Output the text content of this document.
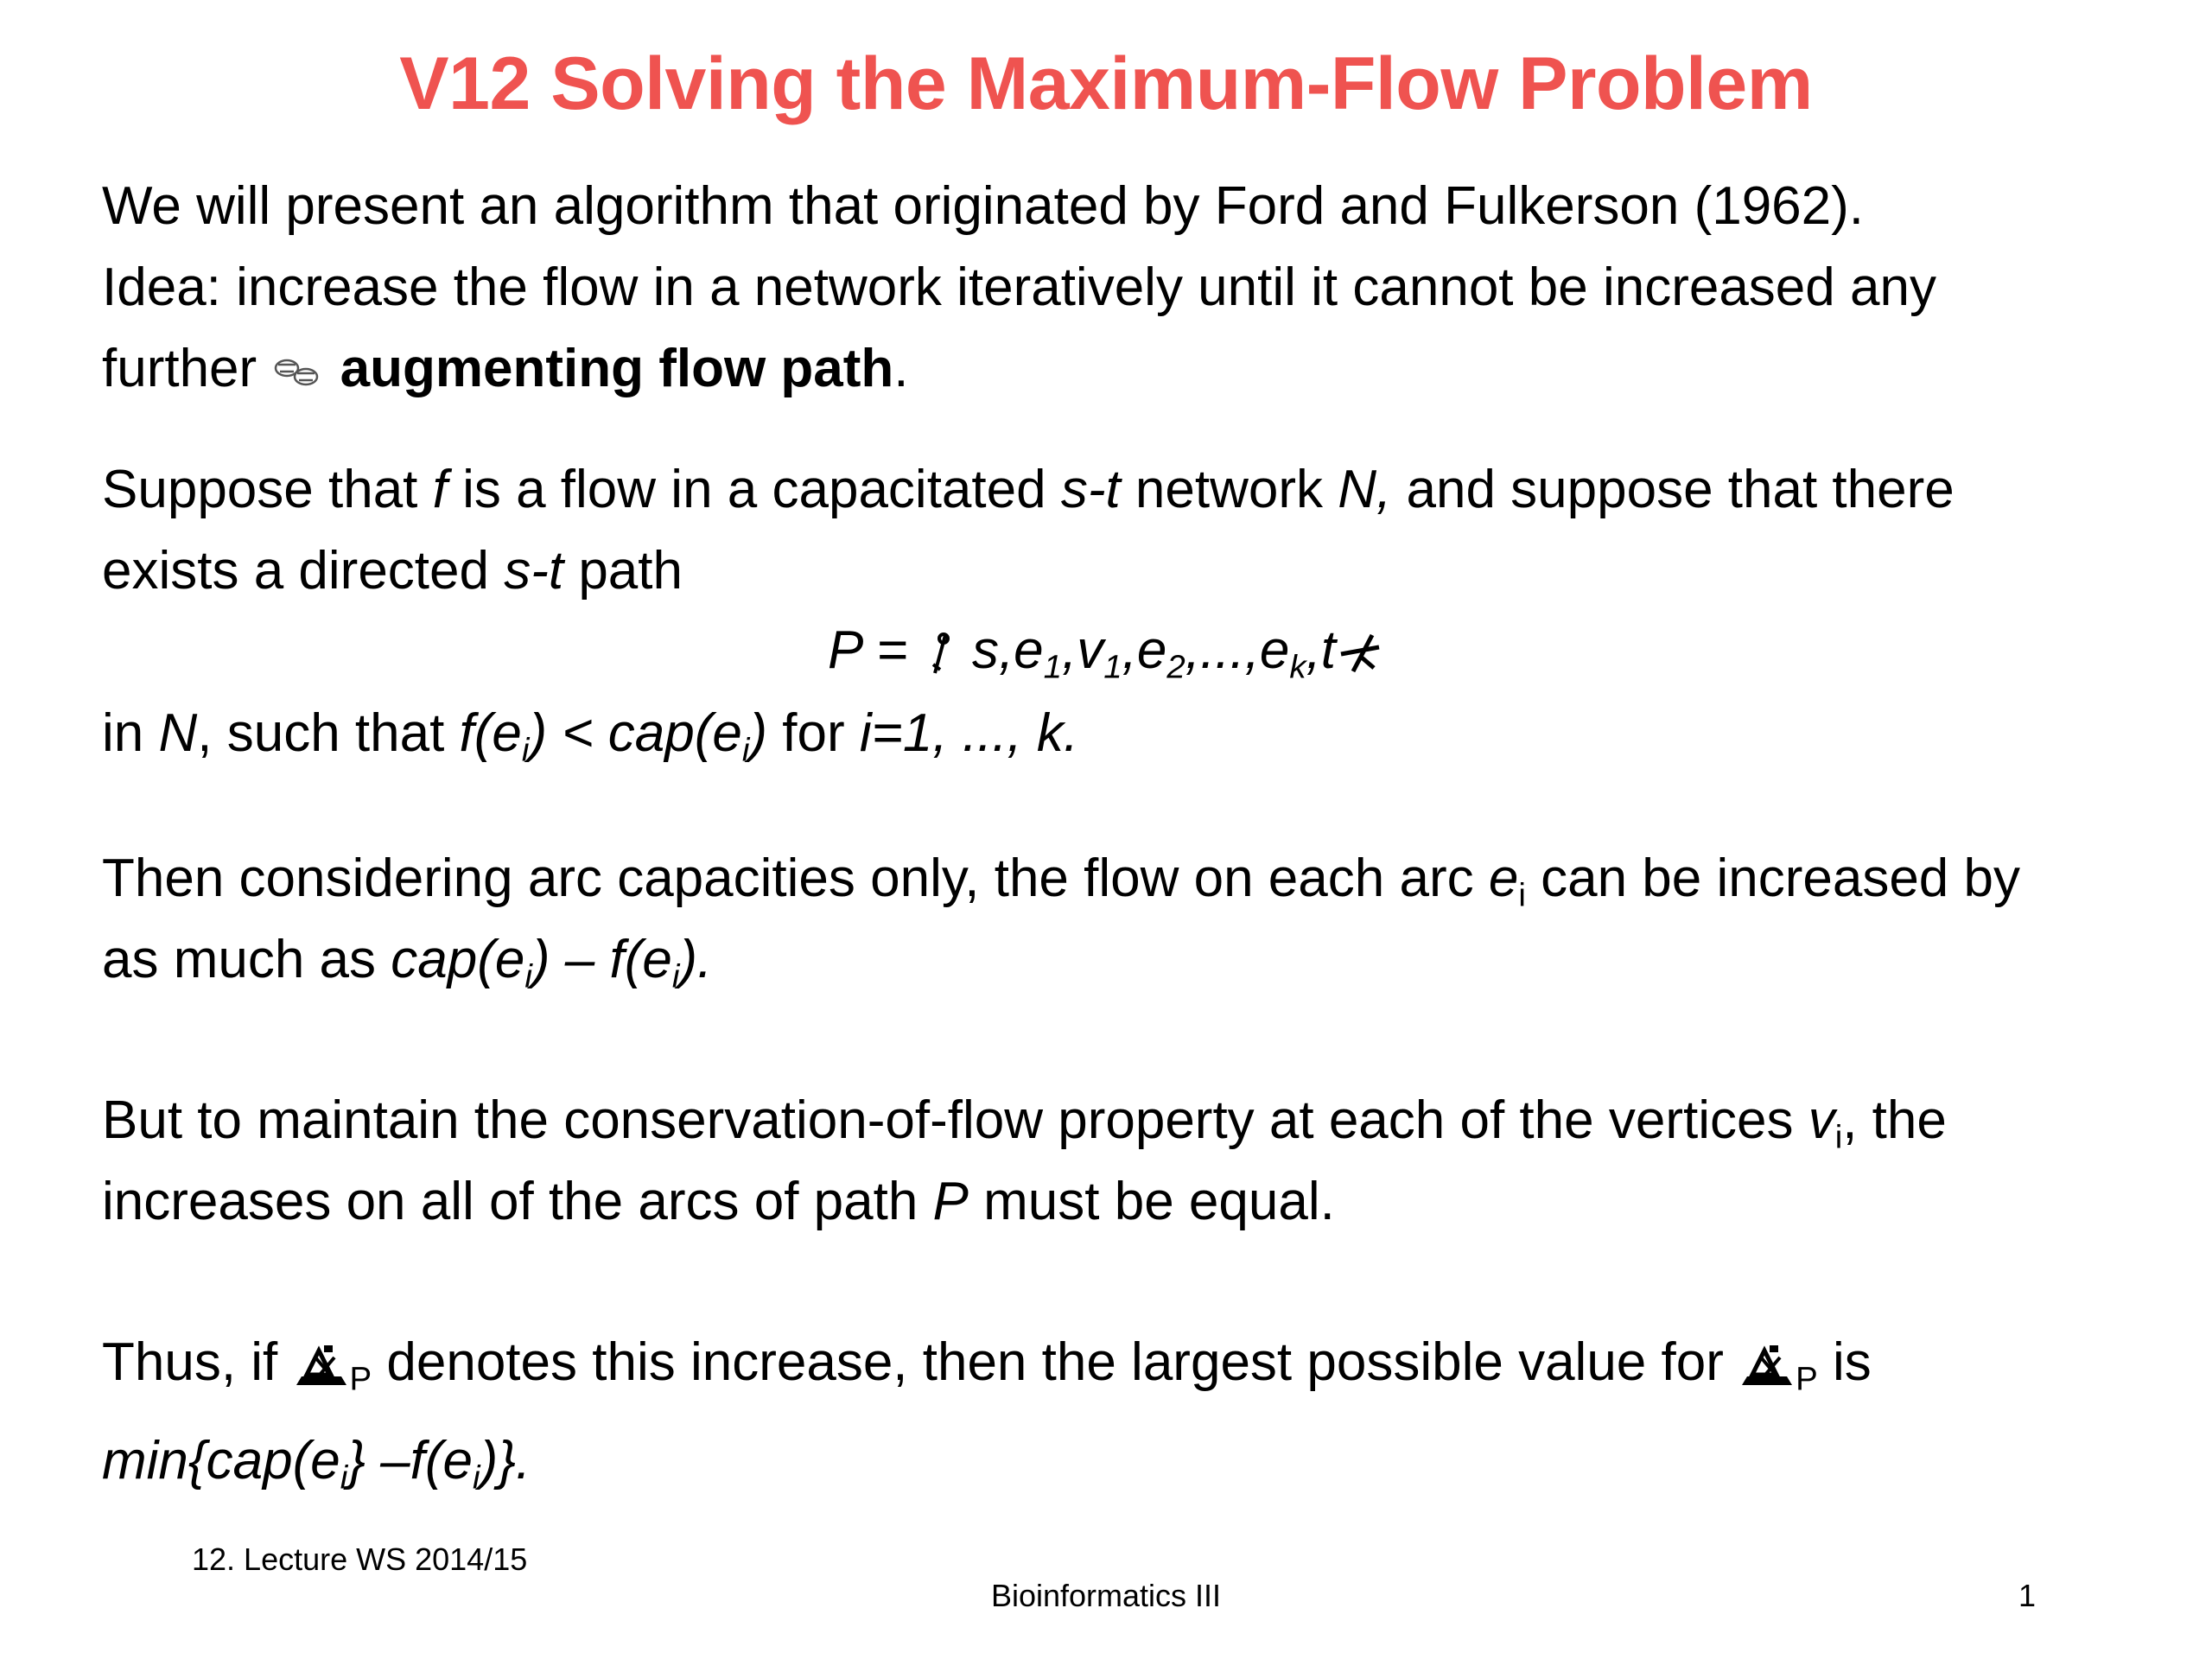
V12 Solving the Maximum-Flow Problem
We will present an algorithm that originated by Ford and Fulkerson (1962).
Idea: increase the flow in a network iteratively until it cannot be increased any
further  augmenting flow path.
Suppose that f is a flow in a capacitated s-t network N, and suppose that there
exists a directed s-t path
$P = s,e_1,v_1,e_2,...,e_k,t$
in N, such that $f(e_i) < cap(e_i)$ for i=1, ..., k.
Then considering arc capacities only, the flow on each arc $e_i$ can be increased by
as much as $cap(e_i) - f(e_i)$.
But to maintain the conservation-of-flow property at each of the vertices $v_i$, the
increases on all of the arcs of path P must be equal.
Thus, if P denotes this increase, then the largest possible value for P is
$\min\{cap(e_i\}$ $-f(e_i)$}.
12. Lecture WS 2014/15
Bioinformatics III	1
